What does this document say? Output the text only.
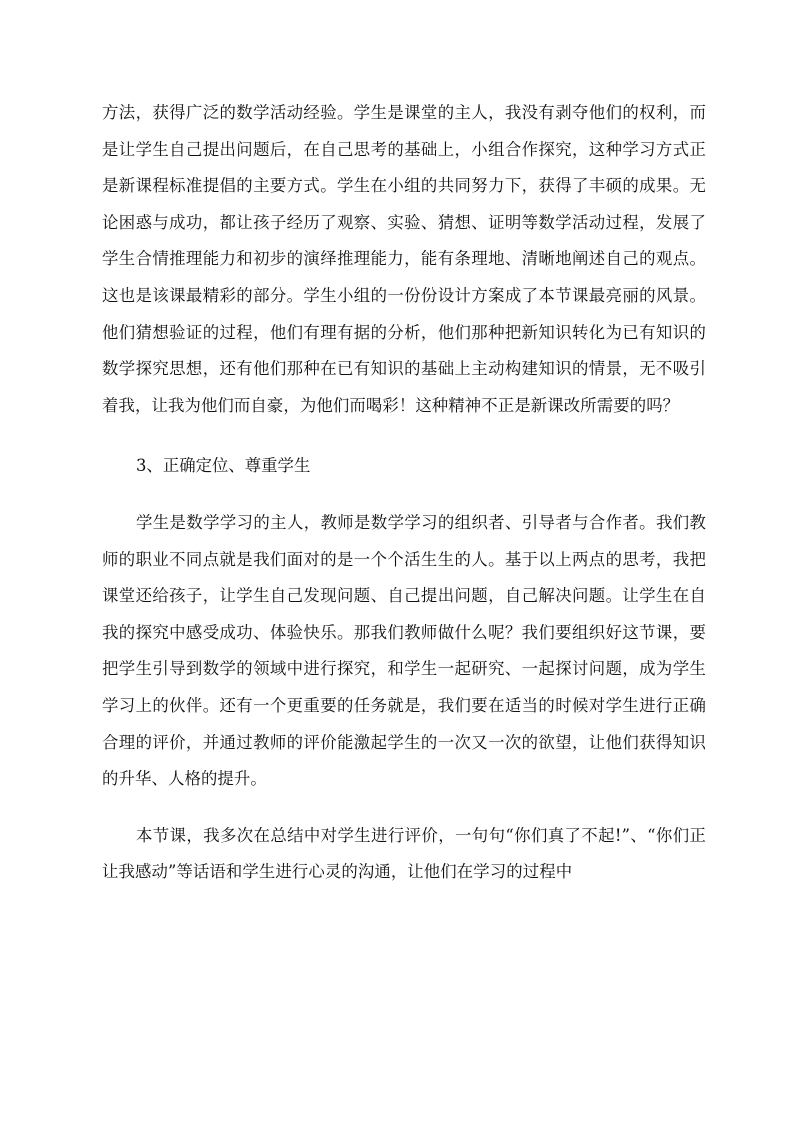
方法，获得广泛的数学活动经验。学生是课堂的主人，我没有剥夺他们的权利，而是让学生自己提出问题后，在自己思考的基础上，小组合作探究，这种学习方式正是新课程标准提倡的主要方式。学生在小组的共同努力下，获得了丰硕的成果。无论困惑与成功，都让孩子经历了观察、实验、猜想、证明等数学活动过程，发展了学生合情推理能力和初步的演绎推理能力，能有条理地、清晰地阐述自己的观点。这也是该课最精彩的部分。学生小组的一份份设计方案成了本节课最亮丽的风景。他们猜想验证的过程，他们有理有据的分析，他们那种把新知识转化为已有知识的数学探究思想，还有他们那种在已有知识的基础上主动构建知识的情景，无不吸引着我，让我为他们而自豪，为他们而喝彩！这种精神不正是新课改所需要的吗？

3、正确定位、尊重学生

学生是数学学习的主人，教师是数学学习的组织者、引导者与合作者。我们教师的职业不同点就是我们面对的是一个个活生生的人。基于以上两点的思考，我把课堂还给孩子，让学生自己发现问题、自己提出问题，自己解决问题。让学生在自我的探究中感受成功、体验快乐。那我们教师做什么呢？我们要组织好这节课，要把学生引导到数学的领域中进行探究，和学生一起研究、一起探讨问题，成为学生学习上的伙伴。还有一个更重要的任务就是，我们要在适当的时候对学生进行正确合理的评价，并通过教师的评价能激起学生的一次又一次的欲望，让他们获得知识的升华、人格的提升。

本节课，我多次在总结中对学生进行评价，一句句“你们真了不起!”、“你们正让我感动”等话语和学生进行心灵的沟通，让他们在学习的过程中
